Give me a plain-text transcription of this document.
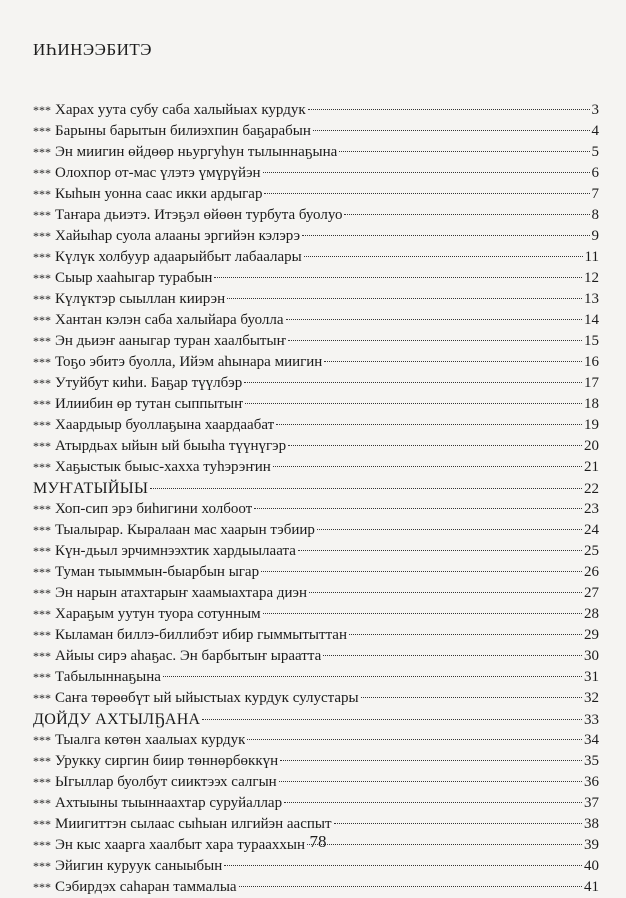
ИҺИНЭЭБИТЭ
*** Харах уута субу саба халыйыах курдук	3
*** Барыны барытын билиэхпин баҕарабын	4
*** Эн миигин өйдөөр ньургуһун тылыннаҕына	5
*** Олохпор от-мас үлэтэ үмүрүйэн	6
*** Кыһын уонна саас икки ардыгар	7
*** Таҥара дьиэтэ. Итэҕэл өйөөн турбута буолуо	8
*** Хайыһар суола алааны эргийэн кэлэрэ	9
*** Күлүк холбуур адаарыйбыт лабаалары	11
*** Сыыр хааһыгар турабын	12
*** Күлүктэр сыыллан киирэн	13
*** Хантан кэлэн саба халыйара буолла	14
*** Эн дьиэҥ ааныгар туран хаалбытыҥ	15
*** Тоҕо эбитэ буолла, Ийэм аһынара миигин	16
*** Утуйбут киһи. Баҕар түүлбэр	17
*** Илиибин өр тутан сыппытыҥ	18
*** Хаардыыр буоллаҕына хаардаабат	19
*** Атырдьах ыйын ый быыһа түүнүгэр	20
*** Хаҕыстык быыс-хахха туһэрэҥин	21
МУҤАТЫЙЫЫ	22
*** Хоп-сип эрэ биһигини холбоот	23
*** Тыалырар. Кыралаан мас хаарын тэбиир	24
*** Күн-дьыл эрчимнээхтик хардыылаата	25
*** Туман тыыммын-быарбын ыгар	26
*** Эн нарын атахтарыҥ хаамыахтара диэн	27
*** Хараҕым уутун туора сотунным	28
*** Кыламан биллэ-биллибэт ибир гыммытыттан	29
*** Айыы сирэ аһаҕас. Эн барбытыҥ ыраатта	30
*** Табылыннаҕына	31
*** Саҥа төрөөбүт ый ыйыстыах курдук сулустары	32
ДОЙДУ АХТЫЛҔАНА	33
*** Тыалга көтөн хаалыах курдук	34
*** Урукку сиргин биир төннөрбөккүн	35
*** Ыгыллар буолбут сииктээх салгын	36
*** Ахтыыны тыыннаахтар суруйаллар	37
*** Миигиттэн сылаас сыһыан илгийэн ааспыт	38
*** Эн кыс хаарга хаалбыт хара турааххын	39
*** Эйигин куруук саныыбын	40
*** Сэбирдэх саһаран таммалыа	41
78
